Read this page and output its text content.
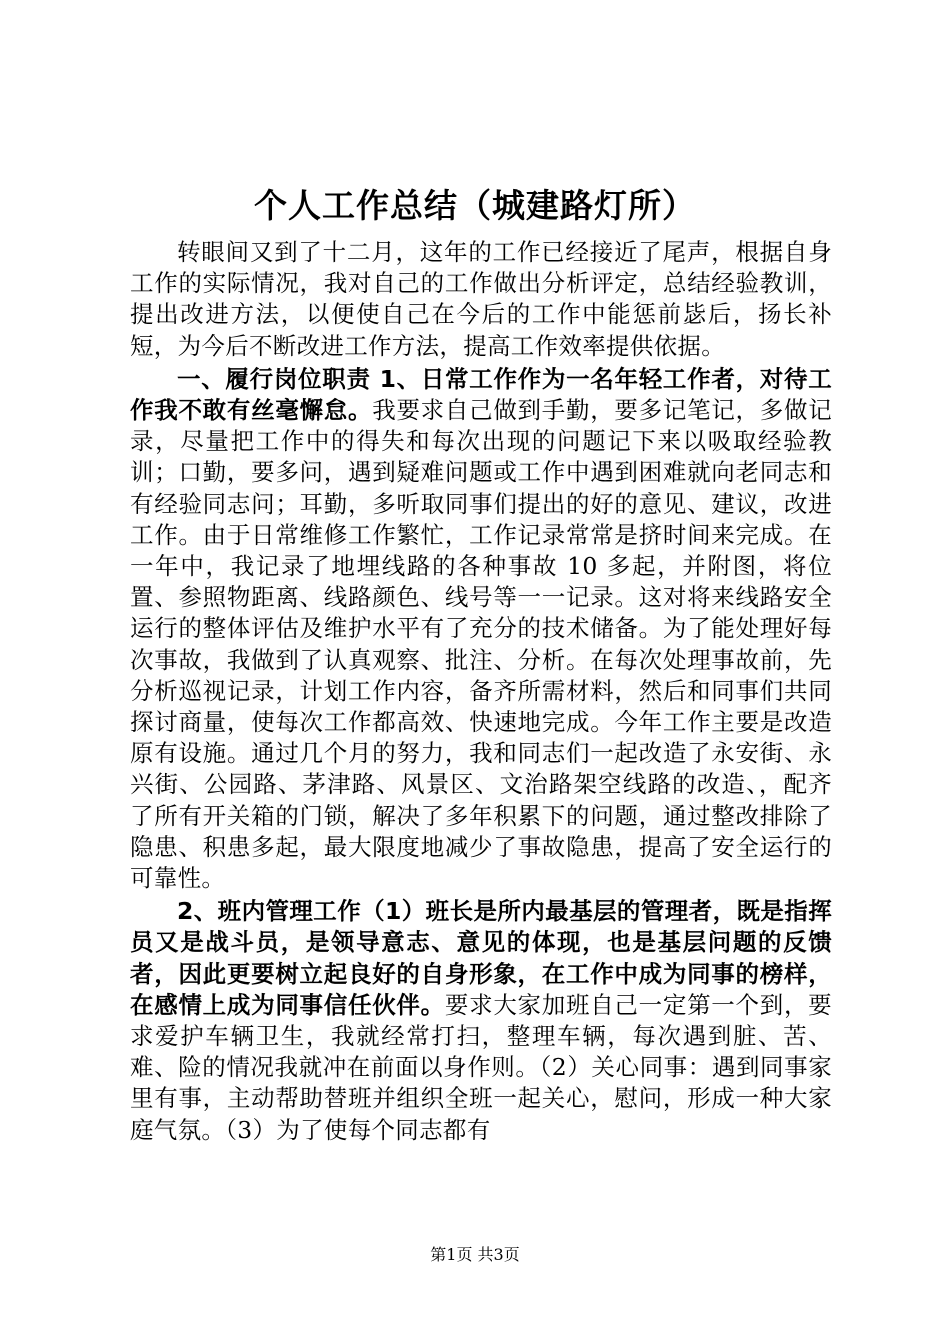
个人工作总结（城建路灯所）

转眼间又到了十二月，这年的工作已经接近了尾声，根据自身工作的实际情况，我对自己的工作做出分析评定，总结经验教训，提出改进方法，以便使自己在今后的工作中能惩前毖后，扬长补短，为今后不断改进工作方法，提高工作效率提供依据。

一、履行岗位职责 1、日常工作作为一名年轻工作者，对待工作我不敢有丝毫懈怠。我要求自己做到手勤，要多记笔记，多做记录，尽量把工作中的得失和每次出现的问题记下来以吸取经验教训；口勤，要多问，遇到疑难问题或工作中遇到困难就向老同志和有经验同志问；耳勤，多听取同事们提出的好的意见、建议，改进工作。由于日常维修工作繁忙，工作记录常常是挤时间来完成。在一年中，我记录了地埋线路的各种事故 10 多起，并附图，将位置、参照物距离、线路颜色、线号等一一记录。这对将来线路安全运行的整体评估及维护水平有了充分的技术储备。为了能处理好每次事故，我做到了认真观察、批注、分析。在每次处理事故前，先分析巡视记录，计划工作内容，备齐所需材料，然后和同事们共同探讨商量，使每次工作都高效、快速地完成。今年工作主要是改造原有设施。通过几个月的努力，我和同志们一起改造了永安街、永兴街、公园路、茅津路、风景区、文治路架空线路的改造、，配齐了所有开关箱的门锁，解决了多年积累下的问题，通过整改排除了隐患、积患多起，最大限度地减少了事故隐患，提高了安全运行的可靠性。

2、班内管理工作（1）班长是所内最基层的管理者，既是指挥员又是战斗员，是领导意志、意见的体现，也是基层问题的反馈者，因此更要树立起良好的自身形象，在工作中成为同事的榜样，在感情上成为同事信任伙伴。要求大家加班自己一定第一个到，要求爱护车辆卫生，我就经常打扫，整理车辆，每次遇到脏、苦、难、险的情况我就冲在前面以身作则。（2）关心同事：遇到同事家里有事，主动帮助替班并组织全班一起关心，慰问，形成一种大家庭气氛。（3）为了使每个同志都有

第1页 共3页
